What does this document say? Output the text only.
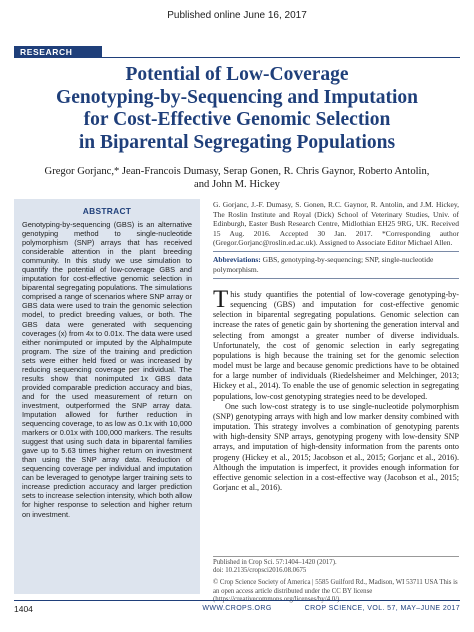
Published online June 16, 2017
RESEARCH
Potential of Low-Coverage
Genotyping-by-Sequencing and Imputation
for Cost-Effective Genomic Selection
in Biparental Segregating Populations
Gregor Gorjanc,* Jean-Francois Dumasy, Serap Gonen, R. Chris Gaynor, Roberto Antolin,
and John M. Hickey
ABSTRACT
Genotyping-by-sequencing (GBS) is an alternative genotyping method to single-nucleotide polymorphism (SNP) arrays that has received considerable attention in the plant breeding community. In this study we use simulation to quantify the potential of low-coverage GBS and imputation for cost-effective genomic selection in biparental segregating populations. The simulations comprised a range of scenarios where SNP array or GBS data were used to train the genomic selection model, to predict breeding values, or both. The GBS data were generated with sequencing coverages (x) from 4x to 0.01x. The data were used either nonimputed or imputed by the AlphaImpute program. The size of the training and prediction sets were either held fixed or was increased by reducing sequencing coverage per individual. The results show that nonimputed 1x GBS data provided comparable prediction accuracy and bias, and for the used measurement of return on investment, outperformed the SNP array data. Imputation allowed for further reduction in sequencing coverage, to as low as 0.1x with 10,000 markers or 0.01x with 100,000 markers. The results suggest that using such data in biparental families gave up to 5.63 times higher return on investment than using the SNP array data. Reduction of sequencing coverage per individual and imputation can be leveraged to genotype larger training sets to increase prediction accuracy and larger prediction sets to increase selection intensity, which both allow for higher response to selection and higher return on investment.
G. Gorjanc, J.-F. Dumasy, S. Gonen, R.C. Gaynor, R. Antolin, and J.M. Hickey, The Roslin Institute and Royal (Dick) School of Veterinary Studies, Univ. of Edinburgh, Easter Bush Research Centre, Midlothian EH25 9RG, UK. Received 15 Aug. 2016. Accepted 30 Jan. 2017. *Corresponding author (Gregor.Gorjanc@roslin.ed.ac.uk). Assigned to Associate Editor Michael Allen.
Abbreviations: GBS, genotyping-by-sequencing; SNP, single-nucleotide polymorphism.

This study quantifies the potential of low-coverage genotyping-by-sequencing (GBS) and imputation for cost-effective genomic selection in biparental segregating populations. Genomic selection can increase the rates of genetic gain by shortening the generation interval and selecting from amongst a greater number of diverse individuals. Unfortunately, the cost of genomic selection in early segregating populations is high because the training set for the genomic selection model must be large and because genomic predictions have to be obtained for a large number of individuals (Riedelsheimer and Melchinger, 2013; Hickey et al., 2014). To enable the use of genomic selection in segregating populations, low-cost genotyping strategies need to be developed.

One such low-cost strategy is to use single-nucleotide polymorphism (SNP) genotyping arrays with high and low marker density combined with imputation. This strategy involves a combination of genotyping parents with high-density SNP arrays, genotyping progeny with low-density SNP arrays, and imputation of high-density information from the parents onto progeny (Hickey et al., 2015; Jacobson et al., 2015; Gorjanc et al., 2016). Although the imputation is imperfect, it provides enough information for effective genomic selection in a cost-effective way (Jacobson et al., 2015; Gorjanc et al., 2016).

Published in Crop Sci. 57:1404–1420 (2017).
doi: 10.2135/cropsci2016.08.0675
© Crop Science Society of America | 5585 Guilford Rd., Madison, WI 53711 USA This is an open access article distributed under the CC BY license
1404	WWW.CROPS.ORG	CROP SCIENCE, VOL. 57, MAY–JUNE 2017
